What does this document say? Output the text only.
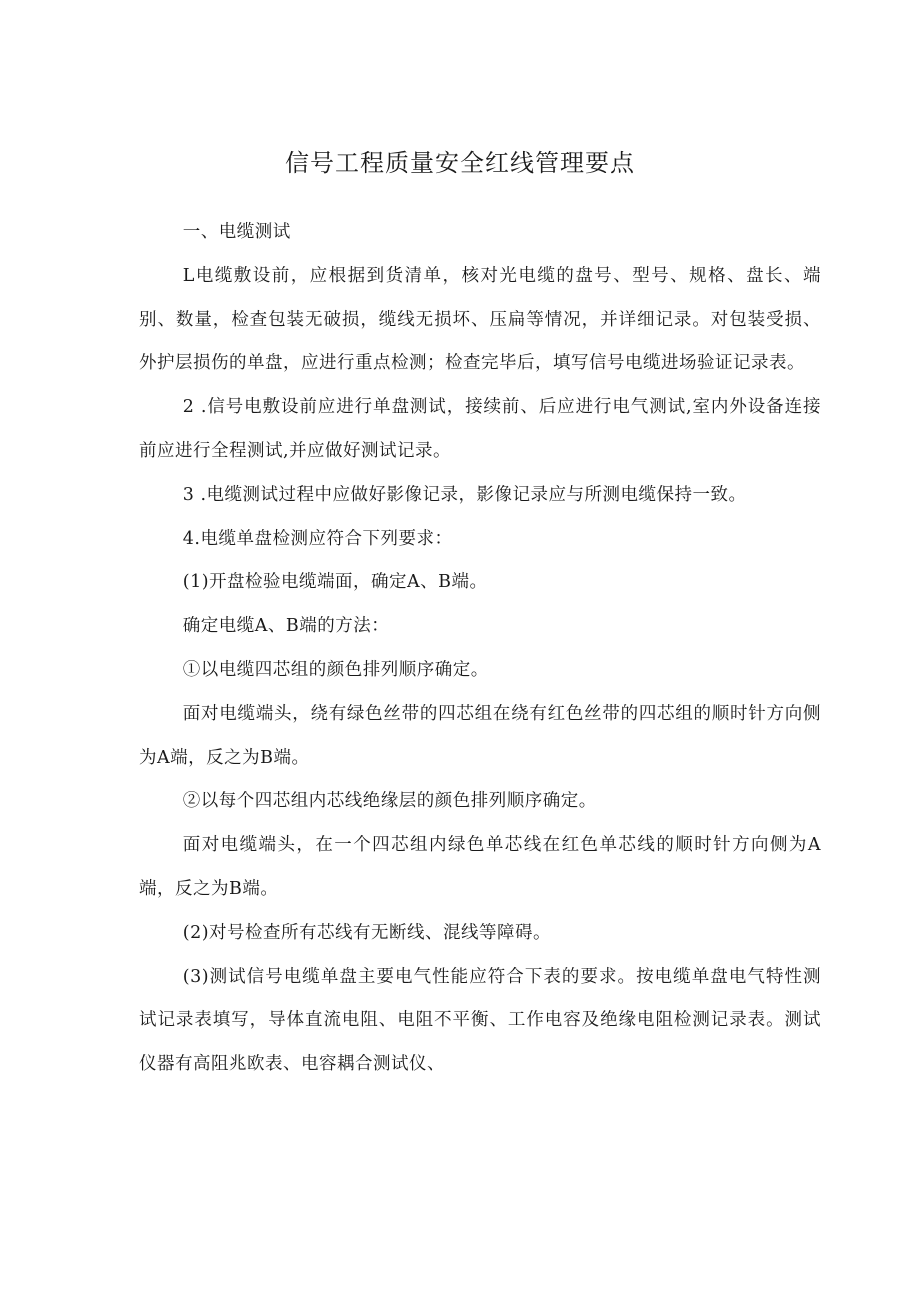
信号工程质量安全红线管理要点

一、电缆测试

L电缆敷设前，应根据到货清单，核对光电缆的盘号、型号、规格、盘长、端别、数量，检查包装无破损，缆线无损坏、压扁等情况，并详细记录。对包装受损、外护层损伤的单盘，应进行重点检测；检查完毕后，填写信号电缆进场验证记录表。

2 .信号电敷设前应进行单盘测试，接续前、后应进行电气测试,室内外设备连接前应进行全程测试,并应做好测试记录。

3 .电缆测试过程中应做好影像记录，影像记录应与所测电缆保持一致。

4.电缆单盘检测应符合下列要求：

(1)开盘检验电缆端面，确定A、B端。

确定电缆A、B端的方法：

①以电缆四芯组的颜色排列顺序确定。

面对电缆端头，绕有绿色丝带的四芯组在绕有红色丝带的四芯组的顺时针方向侧为A端，反之为B端。

②以每个四芯组内芯线绝缘层的颜色排列顺序确定。

面对电缆端头，在一个四芯组内绿色单芯线在红色单芯线的顺时针方向侧为A端，反之为B端。

(2)对号检查所有芯线有无断线、混线等障碍。

(3)测试信号电缆单盘主要电气性能应符合下表的要求。按电缆单盘电气特性测试记录表填写，导体直流电阻、电阻不平衡、工作电容及绝缘电阻检测记录表。测试仪器有高阻兆欧表、电容耦合测试仪、
